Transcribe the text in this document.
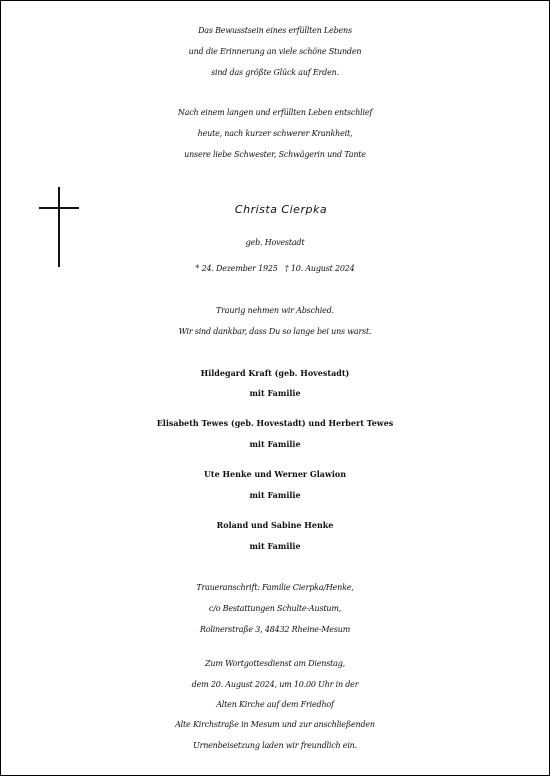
Das Bewusstsein eines erfüllten Lebens
und die Erinnerung an viele schöne Stunden
sind das größte Glück auf Erden.
Nach einem langen und erfüllten Leben entschlief
heute, nach kurzer schwerer Krankheit,
unsere liebe Schwester, Schwägerin und Tante
Christa Cierpka
geb. Hovestadt
* 24. Dezember 1925   † 10. August 2024
Traurig nehmen wir Abschied.
Wir sind dankbar, dass Du so lange bei uns warst.
Hildegard Kraft (geb. Hovestadt)
mit Familie
Elisabeth Tewes (geb. Hovestadt) und Herbert Tewes
mit Familie
Ute Henke und Werner Glawion
mit Familie
Roland und Sabine Henke
mit Familie
Traueranschrift: Familie Cierpka/Henke,
c/o Bestattungen Schulte-Austum,
Rolinerstraße 3, 48432 Rheine-Mesum
Zum Wortgottesdienst am Dienstag,
dem 20. August 2024, um 10.00 Uhr in der
Alten Kirche auf dem Friedhof
Alte Kirchstraße in Mesum und zur anschließenden
Urnenbeisetzung laden wir freundlich ein.
